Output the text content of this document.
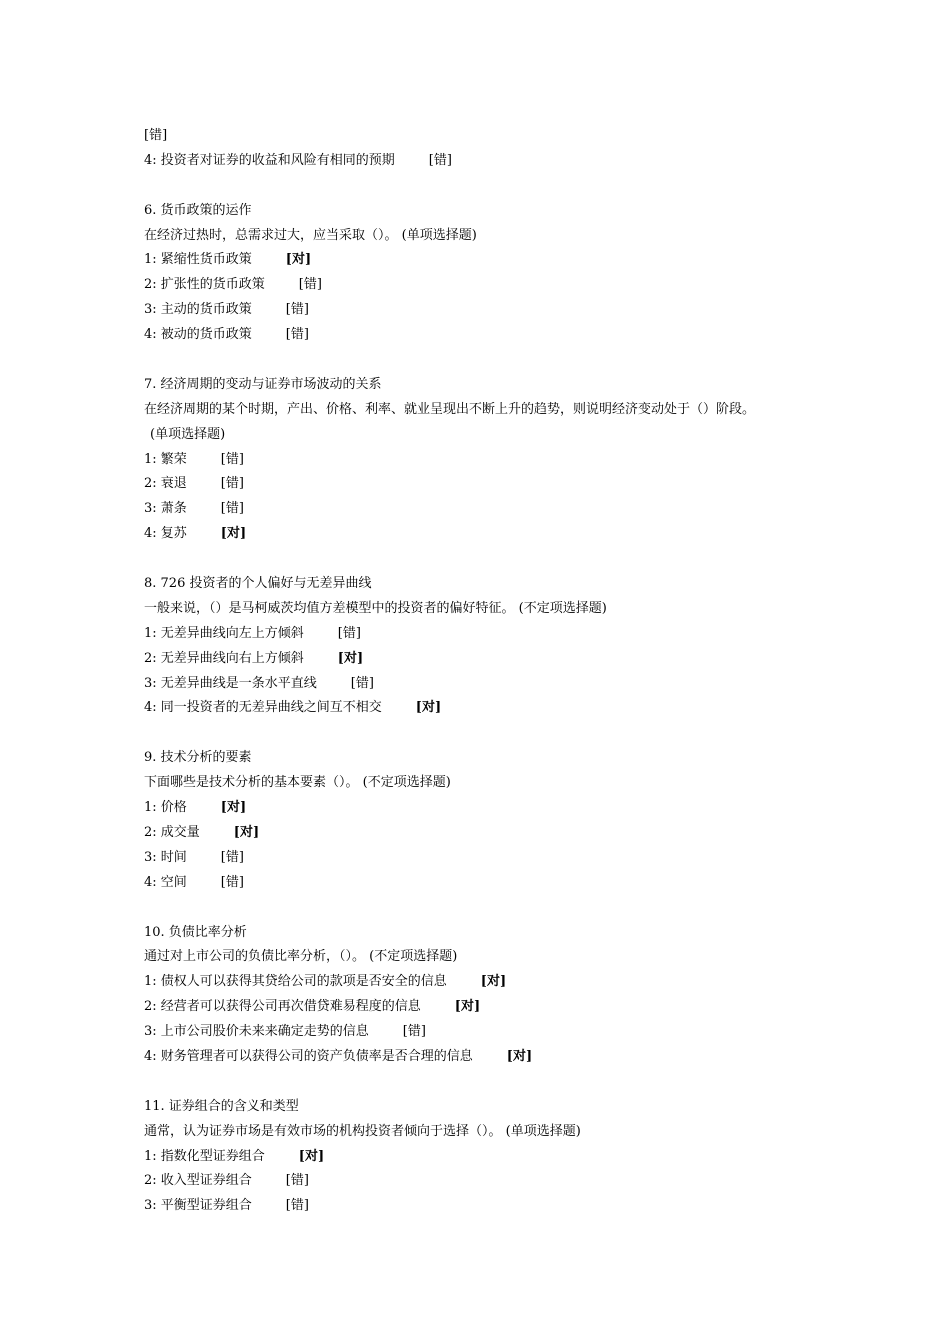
[错]
4: 投资者对证券的收益和风险有相同的预期	[错]
6. 货币政策的运作
在经济过热时，总需求过大，应当采取（）。 (单项选择题)
1: 紧缩性货币政策	[对]
2: 扩张性的货币政策	[错]
3: 主动的货币政策	[错]
4: 被动的货币政策	[错]
7. 经济周期的变动与证券市场波动的关系
在经济周期的某个时期，产出、价格、利率、就业呈现出不断上升的趋势，则说明经济变动处于（）阶段。
(单项选择题)
1: 繁荣	[错]
2: 衰退	[错]
3: 萧条	[错]
4: 复苏	[对]
8. 726 投资者的个人偏好与无差异曲线
一般来说，（）是马柯威茨均值方差模型中的投资者的偏好特征。 (不定项选择题)
1: 无差异曲线向左上方倾斜	[错]
2: 无差异曲线向右上方倾斜	[对]
3: 无差异曲线是一条水平直线	[错]
4: 同一投资者的无差异曲线之间互不相交	[对]
9. 技术分析的要素
下面哪些是技术分析的基本要素（）。 (不定项选择题)
1: 价格	[对]
2: 成交量	[对]
3: 时间	[错]
4: 空间	[错]
10. 负债比率分析
通过对上市公司的负债比率分析，（）。 (不定项选择题)
1: 债权人可以获得其贷给公司的款项是否安全的信息	[对]
2: 经营者可以获得公司再次借贷难易程度的信息	[对]
3: 上市公司股价未来来确定走势的信息	[错]
4: 财务管理者可以获得公司的资产负债率是否合理的信息	[对]
11. 证券组合的含义和类型
通常，认为证券市场是有效市场的机构投资者倾向于选择（）。 (单项选择题)
1: 指数化型证券组合	[对]
2: 收入型证券组合	[错]
3: 平衡型证券组合	[错]
